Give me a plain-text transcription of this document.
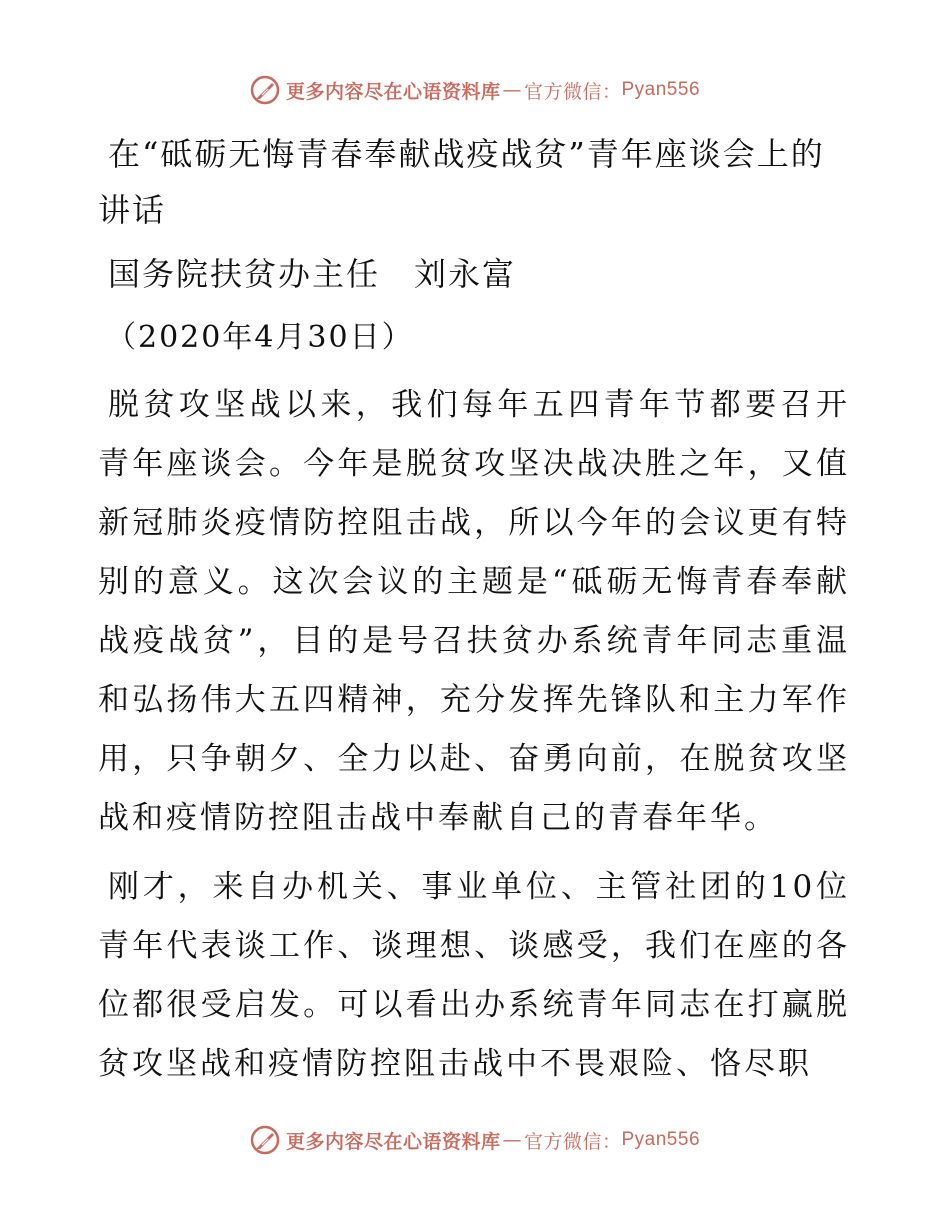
更多内容尽在心语资料库 — 官方微信： Pyan556
在“砥砺无悔青春奉献战疫战贫”青年座谈会上的讲话

国务院扶贫办主任　刘永富

（2020年4月30日）

脱贫攻坚战以来，我们每年五四青年节都要召开青年座谈会。今年是脱贫攻坚决战决胜之年，又值新冠肺炎疫情防控阻击战，所以今年的会议更有特别的意义。这次会议的主题是“砥砺无悔青春奉献战疫战贫”，目的是号召扶贫办系统青年同志重温和弘扬伟大五四精神，充分发挥先锋队和主力军作用，只争朝夕、全力以赴、奋勇向前，在脱贫攻坚战和疫情防控阻击战中奉献自己的青春年华。

刚才，来自办机关、事业单位、主管社团的10位青年代表谈工作、谈理想、谈感受，我们在座的各位都很受启发。可以看出办系统青年同志在打赢脱贫攻坚战和疫情防控阻击战中不畏艰险、恪尽职

更多内容尽在心语资料库 — 官方微信： Pyan556
